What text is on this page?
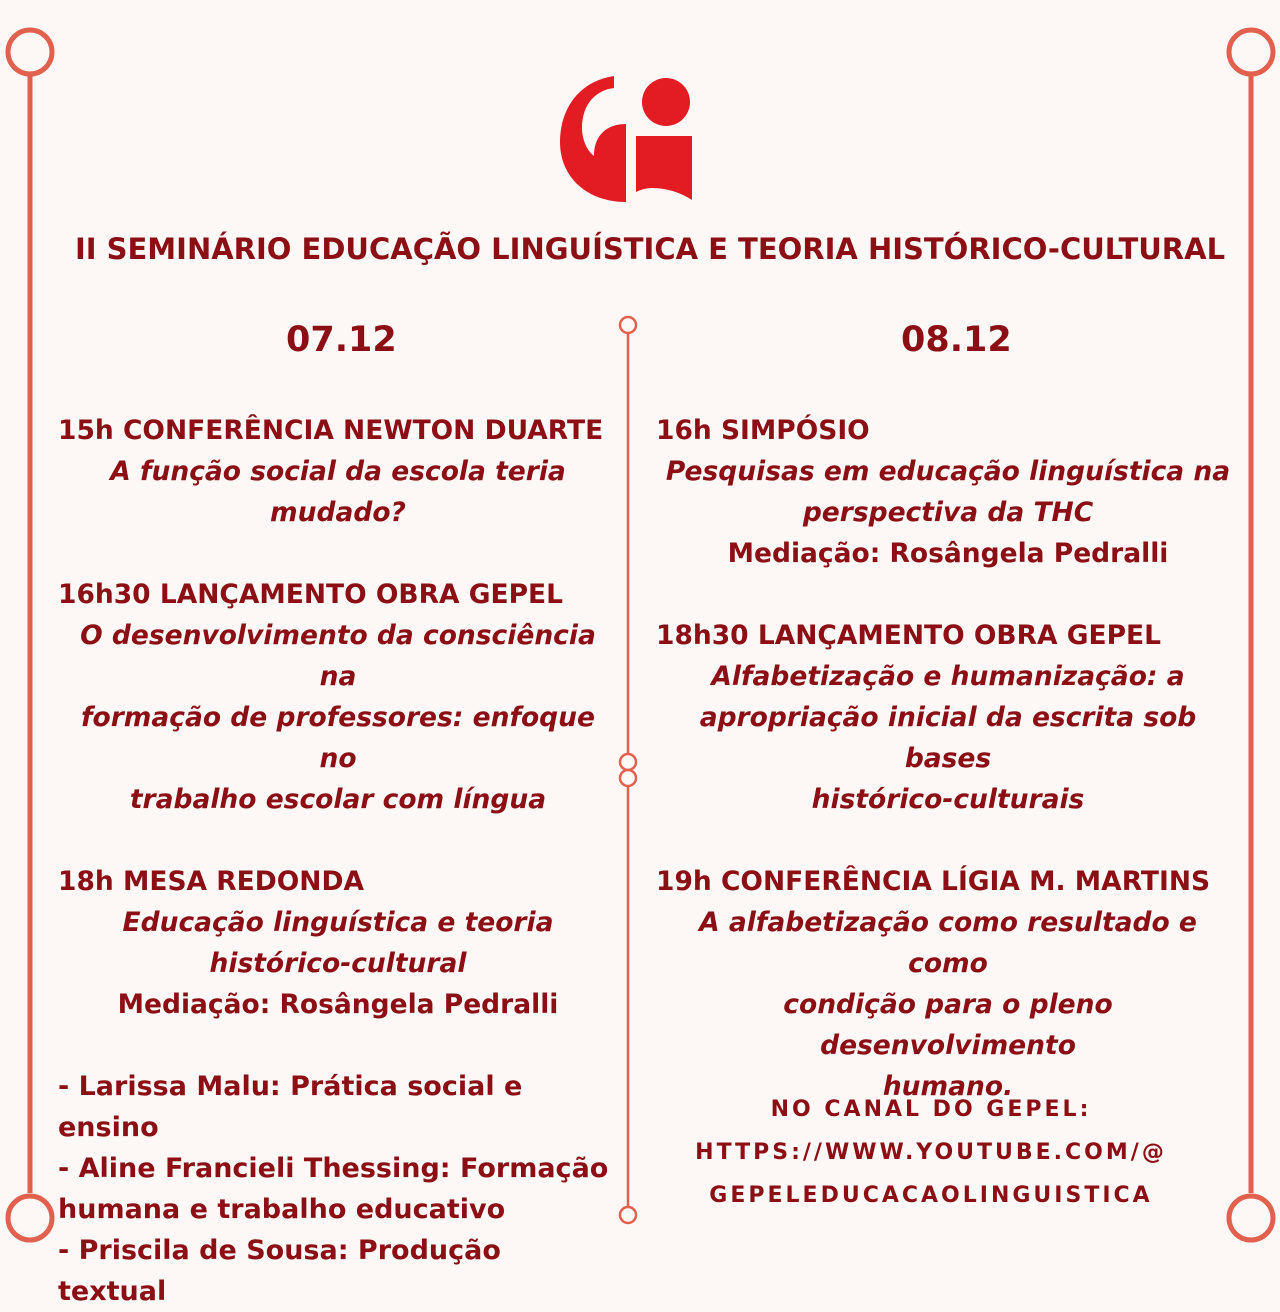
II SEMINÁRIO EDUCAÇÃO LINGUÍSTICA E TEORIA HISTÓRICO-CULTURAL
07.12	08.12
15h CONFERÊNCIA NEWTON DUARTE
A função social da escola teria
mudado?
16h30 LANÇAMENTO OBRA GEPEL
O desenvolvimento da consciência na
formação de professores: enfoque no
trabalho escolar com língua
18h MESA REDONDA
Educação linguística e teoria
histórico-cultural
Mediação: Rosângela Pedralli
- Larissa Malu: Prática social e ensino
- Aline Francieli Thessing: Formação
humana e trabalho educativo
- Priscila de Sousa: Produção textual
16h SIMPÓSIO
Pesquisas em educação linguística na
perspectiva da THC
Mediação: Rosângela Pedralli
18h30 LANÇAMENTO OBRA GEPEL
Alfabetização e humanização: a
apropriação inicial da escrita sob bases
histórico-culturais
19h CONFERÊNCIA LÍGIA M. MARTINS
A alfabetização como resultado e como
condição para o pleno desenvolvimento
humano.
NO CANAL DO GEPEL:
HTTPS://WWW.YOUTUBE.COM/@
GEPELEDUCACAOLINGUISTICA
